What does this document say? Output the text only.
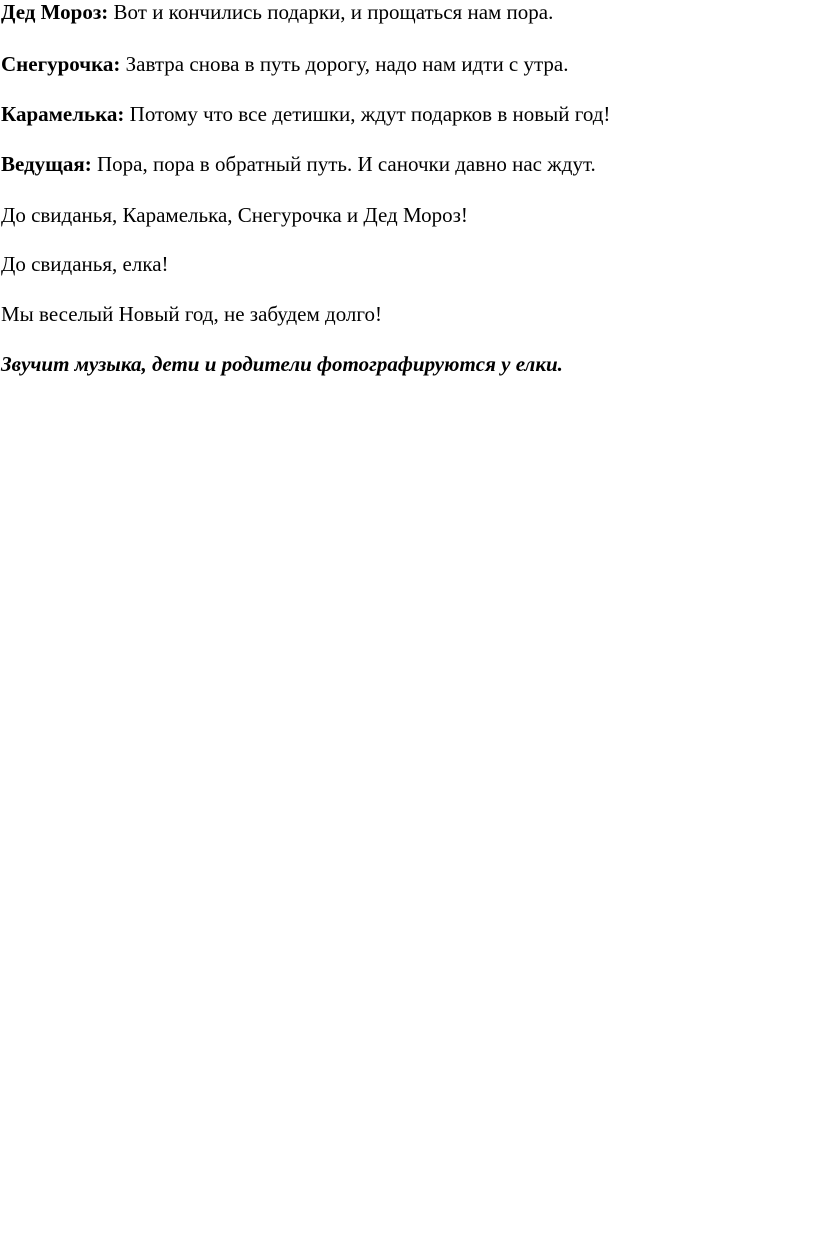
Дед Мороз: Вот и кончились подарки, и прощаться нам пора.

Снегурочка: Завтра снова в путь дорогу, надо нам идти с утра.

Карамелька: Потому что все детишки, ждут подарков в новый год!

Ведущая: Пора, пора в обратный путь. И саночки давно нас ждут.

До свиданья, Карамелька, Снегурочка и Дед Мороз!

До свиданья, елка!

Мы веселый Новый год, не забудем долго!

Звучит музыка, дети и родители фотографируются у елки.
